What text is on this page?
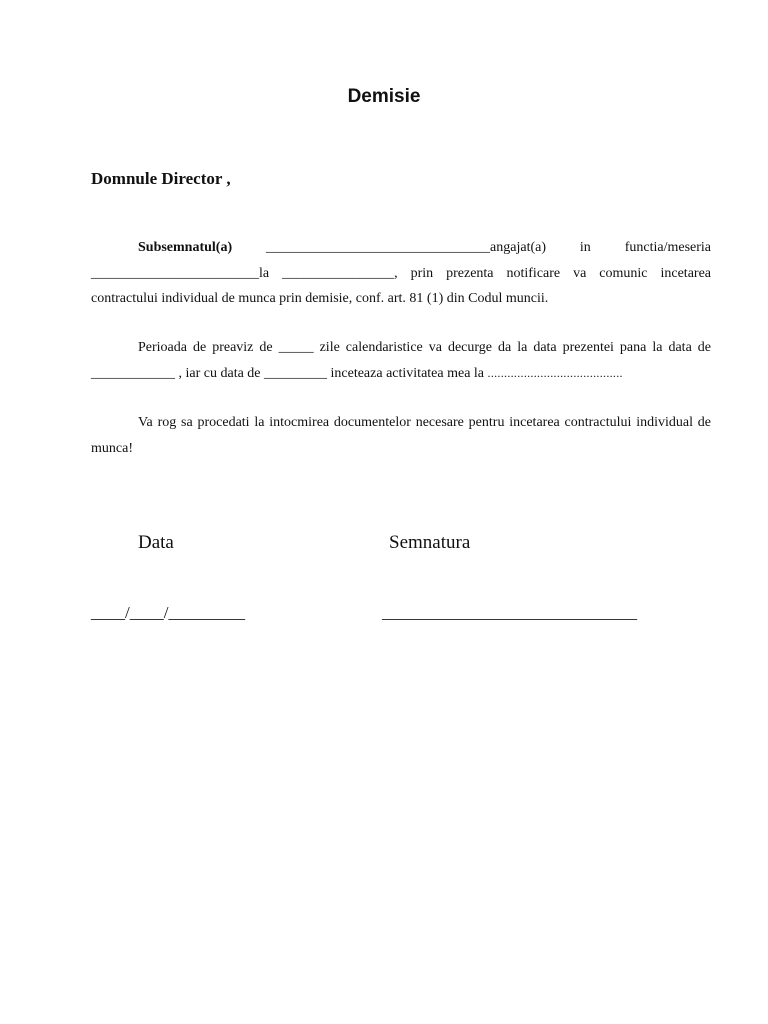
Demisie
Domnule Director ,
Subsemnatul(a) ________________________________angajat(a) in functia/meseria ________________________la ________________, prin prezenta notificare va comunic incetarea contractului individual de munca prin demisie, conf. art. 81 (1) din Codul muncii.
Perioada de preaviz de _____ zile calendaristice va decurge da la data prezentei pana la data de ____________ , iar cu data de _________ inceteaza activitatea mea la .........................................
Va rog sa procedati la intocmirea documentelor necesare pentru incetarea contractului individual de munca!
Data	Semnatura
____/____/_________	______________________________
